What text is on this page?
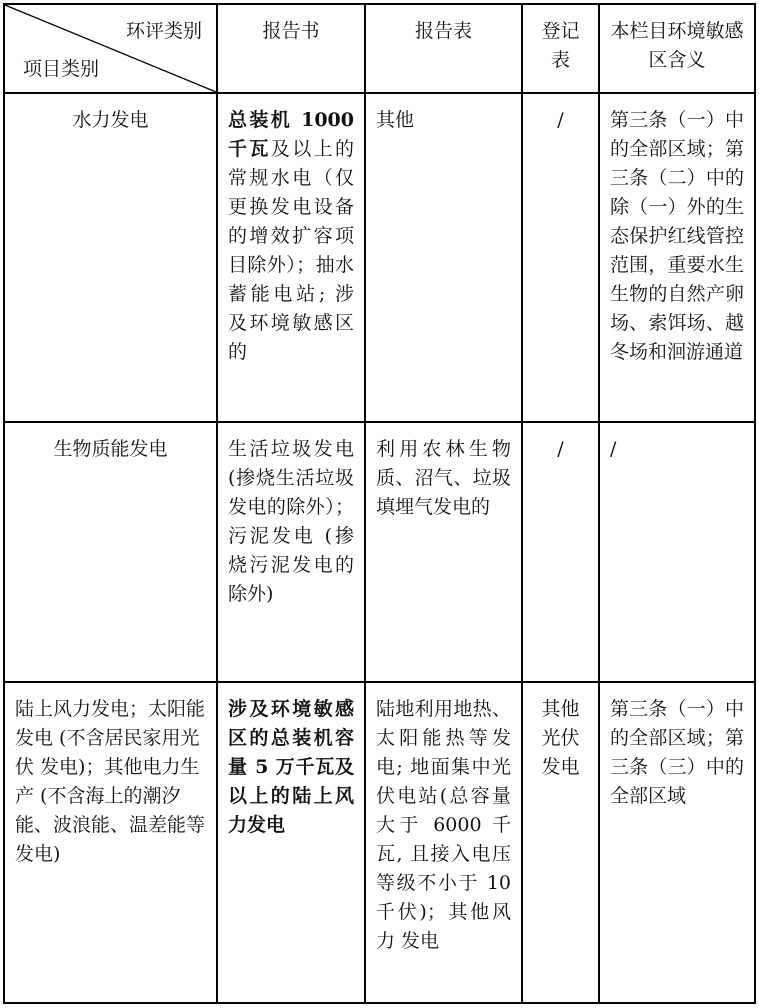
环评类别
项目类别	报告书	报告表	登记表	本栏目环境敏感区含义
水力发电	总装机 1000 千瓦及以上的常规水电（仅更换发电设备的增效扩容项目除外）；抽水蓄能电站; 涉及环境敏感区的	其他	/	第三条（一）中的全部区域；第三条（二）中的除（一）外的生态保护红线管控范围，重要水生生物的自然产卵场、索饵场、越冬场和洄游通道
生物质能发电	生活垃圾发电 (掺烧生活垃圾发电的除外）；污泥发电 (掺烧污泥发电的除外)	利用农林生物质、沼气、垃圾填埋气发电的	/	/
陆上风力发电；太阳能发电 (不含居民家用光伏 发电)；其他电力生产 (不含海上的潮汐能、波浪能、温差能等发电)	涉及环境敏感区的总装机容量 5 万千瓦及以上的陆上风力发电	陆地利用地热、太阳能热等发电; 地面集中光伏电站(总容量大于 6000 千瓦, 且接入电压等级不小于 10 千伏)；其他风力 发电	其他光伏发电	第三条（一）中的全部区域；第三条（三）中的全部区域
